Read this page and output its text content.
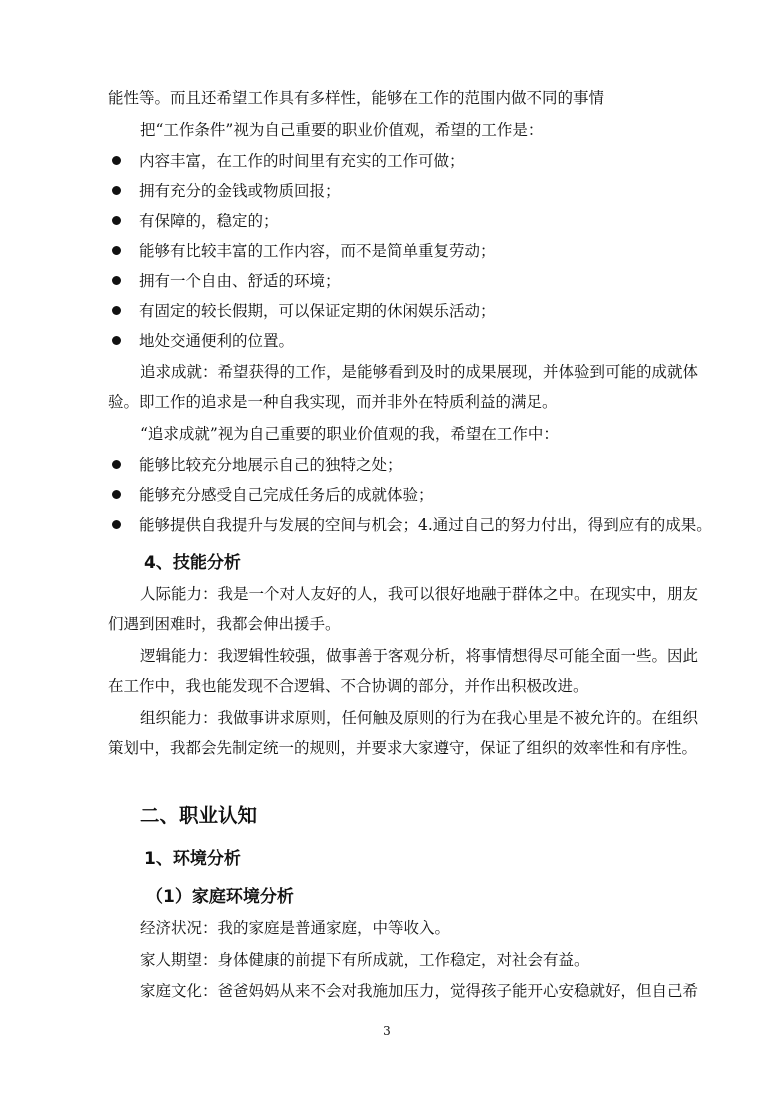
能性等。而且还希望工作具有多样性，能够在工作的范围内做不同的事情
把“工作条件”视为自己重要的职业价值观，希望的工作是：
内容丰富，在工作的时间里有充实的工作可做；
拥有充分的金钱或物质回报；
有保障的，稳定的；
能够有比较丰富的工作内容，而不是简单重复劳动；
拥有一个自由、舒适的环境；
有固定的较长假期，可以保证定期的休闲娱乐活动；
地处交通便利的位置。
追求成就：希望获得的工作，是能够看到及时的成果展现，并体验到可能的成就体
验。即工作的追求是一种自我实现，而并非外在特质利益的满足。
“追求成就”视为自己重要的职业价值观的我，希望在工作中：
能够比较充分地展示自己的独特之处；
能够充分感受自己完成任务后的成就体验；
能够提供自我提升与发展的空间与机会；4.通过自己的努力付出，得到应有的成果。
4、技能分析
人际能力：我是一个对人友好的人，我可以很好地融于群体之中。在现实中，朋友
们遇到困难时，我都会伸出援手。
逻辑能力：我逻辑性较强，做事善于客观分析，将事情想得尽可能全面一些。因此
在工作中，我也能发现不合逻辑、不合协调的部分，并作出积极改进。
组织能力：我做事讲求原则，任何触及原则的行为在我心里是不被允许的。在组织
策划中，我都会先制定统一的规则，并要求大家遵守，保证了组织的效率性和有序性。
二、职业认知
1、环境分析
（1）家庭环境分析
经济状况：我的家庭是普通家庭，中等收入。
家人期望：身体健康的前提下有所成就，工作稳定，对社会有益。
家庭文化：爸爸妈妈从来不会对我施加压力，觉得孩子能开心安稳就好，但自己希
3
